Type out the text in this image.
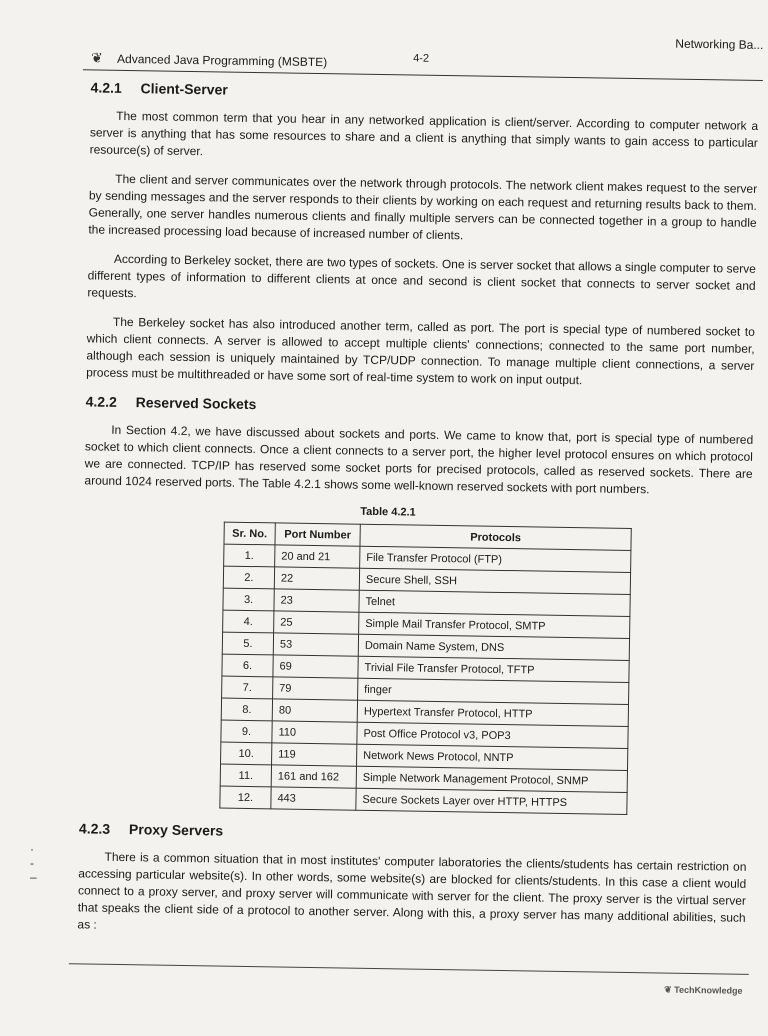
❦ Advanced Java Programming (MSBTE)	4-2
Networking Ba...
4.2.1 Client-Server

The most common term that you hear in any networked application is client/server. According to computer network a server is anything that has some resources to share and a client is anything that simply wants to gain access to particular resource(s) of server.

The client and server communicates over the network through protocols. The network client makes request to the server by sending messages and the server responds to their clients by working on each request and returning results back to them. Generally, one server handles numerous clients and finally multiple servers can be connected together in a group to handle the increased processing load because of increased number of clients.

According to Berkeley socket, there are two types of sockets. One is server socket that allows a single computer to serve different types of information to different clients at once and second is client socket that connects to server socket and requests.

The Berkeley socket has also introduced another term, called as port. The port is special type of numbered socket to which client connects. A server is allowed to accept multiple clients' connections; connected to the same port number, although each session is uniquely maintained by TCP/UDP connection. To manage multiple client connections, a server process must be multithreaded or have some sort of real-time system to work on input output.

4.2.2 Reserved Sockets

In Section 4.2, we have discussed about sockets and ports. We came to know that, port is special type of numbered socket to which client connects. Once a client connects to a server port, the higher level protocol ensures on which protocol we are connected. TCP/IP has reserved some socket ports for precised protocols, called as reserved sockets. There are around 1024 reserved ports. The Table 4.2.1 shows some well-known reserved sockets with port numbers.

Table 4.2.1
Sr. No.	Port Number	Protocols
1.	20 and 21	File Transfer Protocol (FTP)
2.	22	Secure Shell, SSH
3.	23	Telnet
4.	25	Simple Mail Transfer Protocol, SMTP
5.	53	Domain Name System, DNS
6.	69	Trivial File Transfer Protocol, TFTP
7.	79	finger
8.	80	Hypertext Transfer Protocol, HTTP
9.	110	Post Office Protocol v3, POP3
10.	119	Network News Protocol, NNTP
11.	161 and 162	Simple Network Management Protocol, SNMP
12.	443	Secure Sockets Layer over HTTP, HTTPS
4.2.3 Proxy Servers

There is a common situation that in most institutes' computer laboratories the clients/students has certain restriction on accessing particular website(s). In other words, some website(s) are blocked for clients/students. In this case a client would connect to a proxy server, and proxy server will communicate with server for the client. The proxy server is the virtual server that speaks the client side of a protocol to another server. Along with this, a proxy server has many additional abilities, such as :

❦ TechKnowledge
·
-
–
